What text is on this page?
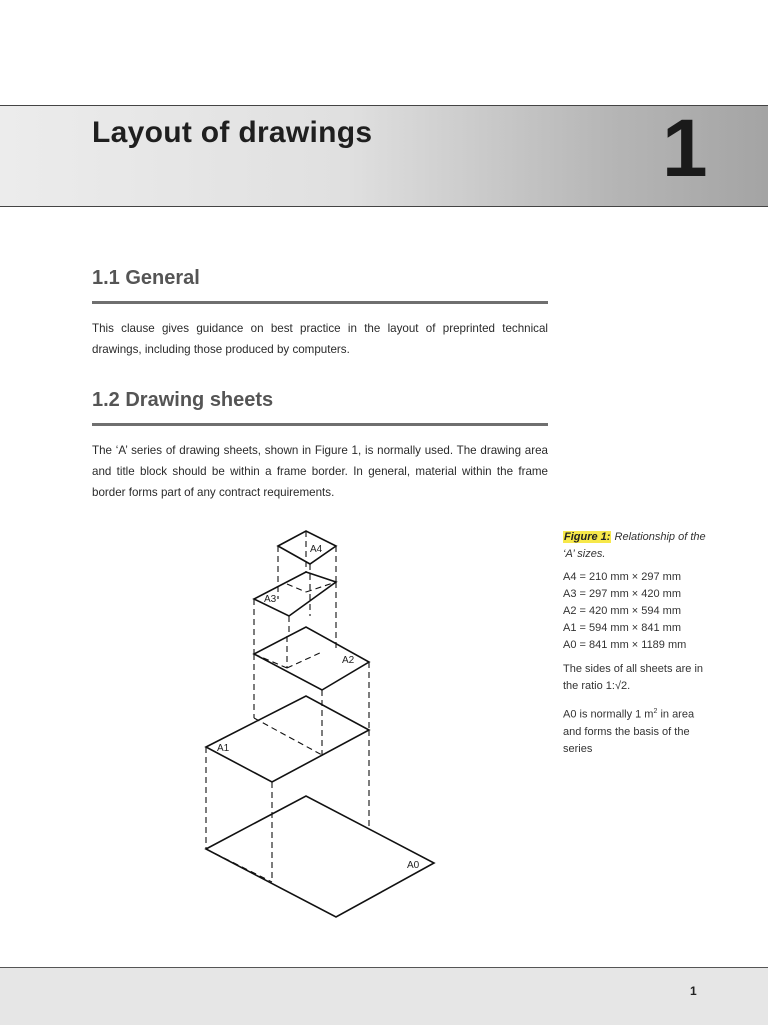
Layout of drawings	1
1.1 General

This clause gives guidance on best practice in the layout of preprinted technical drawings, including those produced by computers.

1.2 Drawing sheets

The ‘A’ series of drawing sheets, shown in Figure 1, is normally used. The drawing area and title block should be within a frame border. In general, material within the frame border forms part of any contract requirements.

A4
A3
A2
A1
A0

Figure 1: Relationship of the ‘A’ sizes.

A4 = 210 mm × 297 mm
A3 = 297 mm × 420 mm
A2 = 420 mm × 594 mm
A1 = 594 mm × 841 mm
A0 = 841 mm × 1189 mm

The sides of all sheets are in the ratio 1:√2.

A0 is normally 1 $m^2$ in area and forms the basis of the series

1
